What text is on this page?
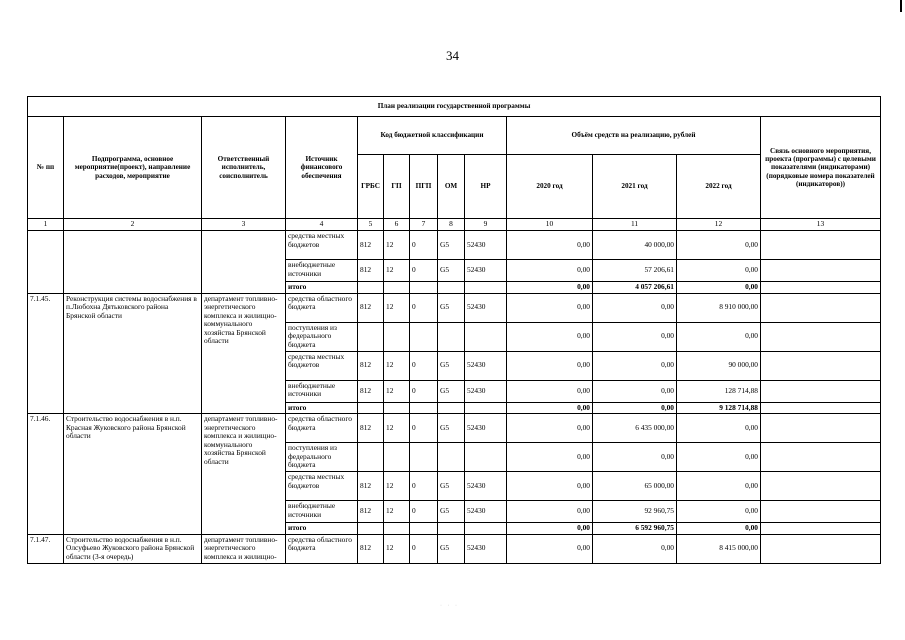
34
План реализации государственной программы												
№ пп	Подпрограмма, основное мероприятие(проект), направление расходов, мероприятие	Ответственный исполнитель, соисполнитель	Источник финансового обеспечения	Код бюджетной классификации					Объём средств на реализацию, рублей			Связь основного мероприятия, проекта (программы) с целевыми показателями (индикаторами) (порядковые номера показателей (индикаторов))
				ГРБС	ГП	ПГП	ОМ	НР	2020 год	2021 год	2022 год	
1	2	3	4	5	6	7	8	9	10	11	12	13
			средства местных бюджетов	812	12	0	G5	52430	0,00	40 000,00	0,00	
			внебюджетные источники	812	12	0	G5	52430	0,00	57 206,61	0,00	
			итого						0,00	4 057 206,61	0,00	
7.1.45.	Реконструкция системы водоснабжения в п.Любохна Дятьковского района Брянской области	департамент топливно-энергетического комплекса и жилищно-коммунального хозяйства Брянской области	средства областного бюджета	812	12	0	G5	52430	0,00	0,00	8 910 000,00	
			поступления из федерального бюджета						0,00	0,00	0,00	
			средства местных бюджетов	812	12	0	G5	52430	0,00	0,00	90 000,00	
			внебюджетные источники	812	12	0	G5	52430	0,00	0,00	128 714,88	
			итого						0,00	0,00	9 128 714,88	
7.1.46.	Строительство водоснабжения в н.п. Красная Жуковского района Брянской области	департамент топливно-энергетического комплекса и жилищно-коммунального хозяйства Брянской области	средства областного бюджета	812	12	0	G5	52430	0,00	6 435 000,00	0,00	
			поступления из федерального бюджета						0,00	0,00	0,00	
			средства местных бюджетов	812	12	0	G5	52430	0,00	65 000,00	0,00	
			внебюджетные источники	812	12	0	G5	52430	0,00	92 960,75	0,00	
			итого						0,00	6 592 960,75	0,00	
7.1.47.	Строительство водоснабжения в н.п. Олсуфьево Жуковского района Брянской области (3-я очередь)	департамент топливно-энергетического комплекса и жилищно-	средства областного бюджета	812	12	0	G5	52430	0,00	0,00	8 415 000,00	
· · ·
